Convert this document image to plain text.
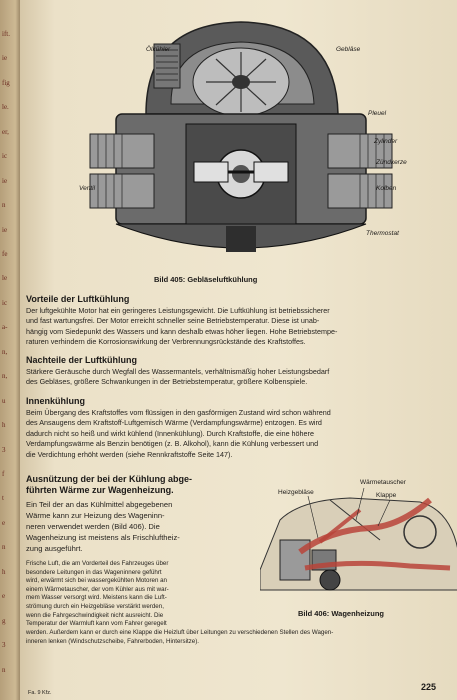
Ölkühler	Gebläse
Pleuel
Zylinder
Zündkerze
Kolben
Ventil
Thermostat
Bild 405: Gebläseluftkühlung
Vorteile der Luftkühlung
Der luftgekühlte Motor hat ein geringeres Leistungsgewicht. Die Luftkühlung ist betriebssicherer
und fast wartungsfrei. Der Motor erreicht schneller seine Betriebstemperatur. Diese ist unab-
hängig vom Siedepunkt des Wassers und kann deshalb etwas höher liegen. Hohe Betriebstempe-
raturen verhindern die Korrosionswirkung der Verbrennungsrückstände des Kraftstoffes.
Nachteile der Luftkühlung
Stärkere Geräusche durch Wegfall des Wassermantels, verhältnismäßig hoher Leistungsbedarf
des Gebläses, größere Schwankungen in der Betriebstemperatur, größere Kolbenspiele.
Innenkühlung
Beim Übergang des Kraftstoffes vom flüssigen in den gasförmigen Zustand wird schon während
des Ansaugens dem Kraftstoff-Luftgemisch Wärme (Verdampfungswärme) entzogen. Es wird
dadurch nicht so heiß und wirkt kühlend (Innenkühlung). Durch Kraftstoffe, die eine höhere
Verdampfungswärme als Benzin benötigen (z. B. Alkohol), kann die Kühlung verbessert und
die Verdichtung erhöht werden (siehe Rennkraftstoffe Seite 147).
Ausnützung der bei der Kühlung abge-
führten Wärme zur Wagenheizung.
Ein Teil der an das Kühlmittel abgegebenen
Wärme kann zur Heizung des Wageninn-
neren verwendet werden (Bild 406). Die
Wagenheizung ist meistens als Frischluftheiz-
zung ausgeführt.
Frische Luft, die am Vorderteil des Fahrzeuges über
besondere Leitungen in das Wageninnere geführt
wird, erwärmt sich bei wassergekühlten Motoren an
einem Wärmetauscher, der vom Kühler aus mit war-
mem Wasser versorgt wird. Meistens kann die Luft-
strömung durch ein Heizgebläse verstärkt werden,
wenn die Fahrgeschwindigkeit nicht ausreicht. Die
Temperatur der Warmluft kann vom Fahrer geregelt
werden. Außerdem kann er durch eine Klappe die Heizluft über Leitungen zu verschiedenen Stellen des Wagen-
inneren lenken (Windschutzscheibe, Fahrerboden, Hintersitze).
Wärmetauscher
Heizgebläse	Klappe
Bild 406: Wagenheizung
Fa. 9 Kfz.
225
ift.
ie
fig
le.
er,
ic
ie
n
ie
fe
le
ic
a-
n,
n,
u
h
3
f
t
e
n
h
e
g
3
n
